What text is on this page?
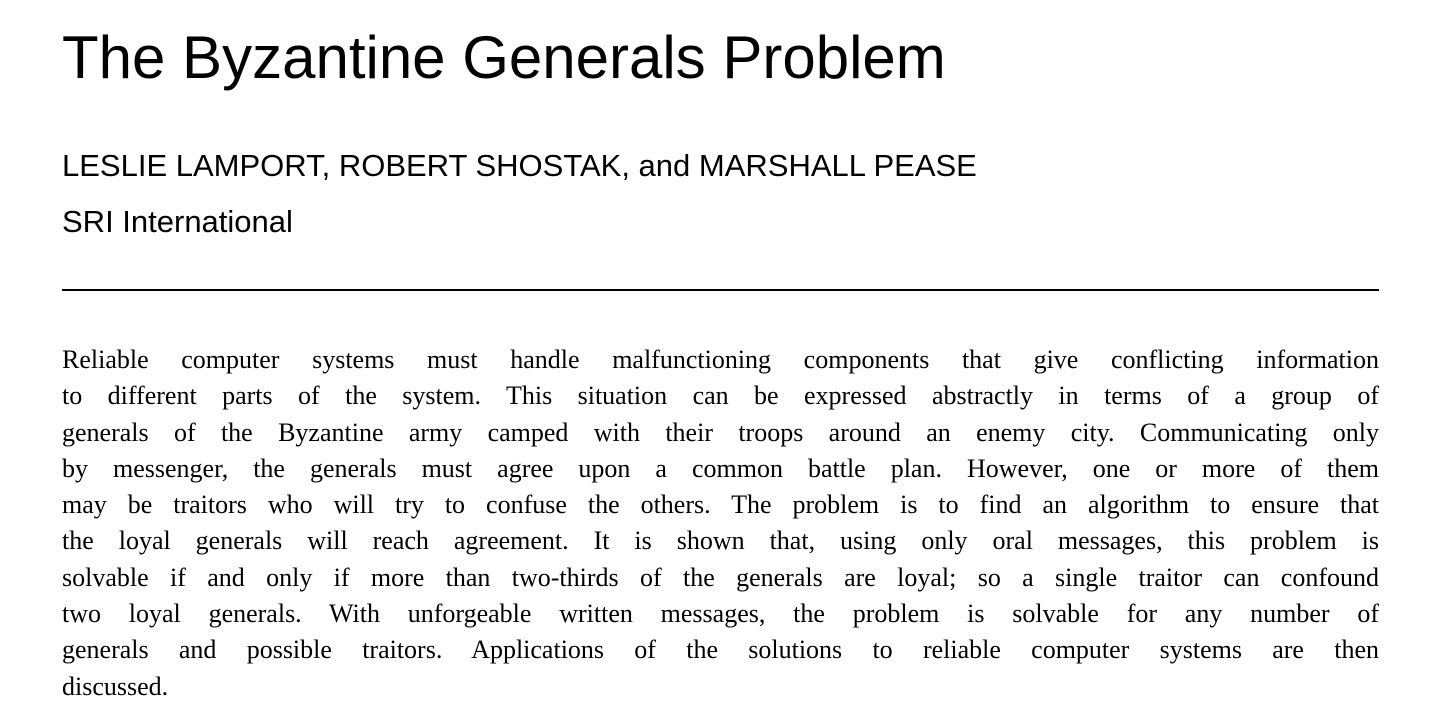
The Byzantine Generals Problem
LESLIE LAMPORT, ROBERT SHOSTAK, and MARSHALL PEASE
SRI International
Reliable computer systems must handle malfunctioning components that give conflicting information
to different parts of the system. This situation can be expressed abstractly in terms of a group of
generals of the Byzantine army camped with their troops around an enemy city. Communicating only
by messenger, the generals must agree upon a common battle plan. However, one or more of them
may be traitors who will try to confuse the others. The problem is to find an algorithm to ensure that
the loyal generals will reach agreement. It is shown that, using only oral messages, this problem is
solvable if and only if more than two-thirds of the generals are loyal; so a single traitor can confound
two loyal generals. With unforgeable written messages, the problem is solvable for any number of
generals and possible traitors. Applications of the solutions to reliable computer systems are then
discussed.
